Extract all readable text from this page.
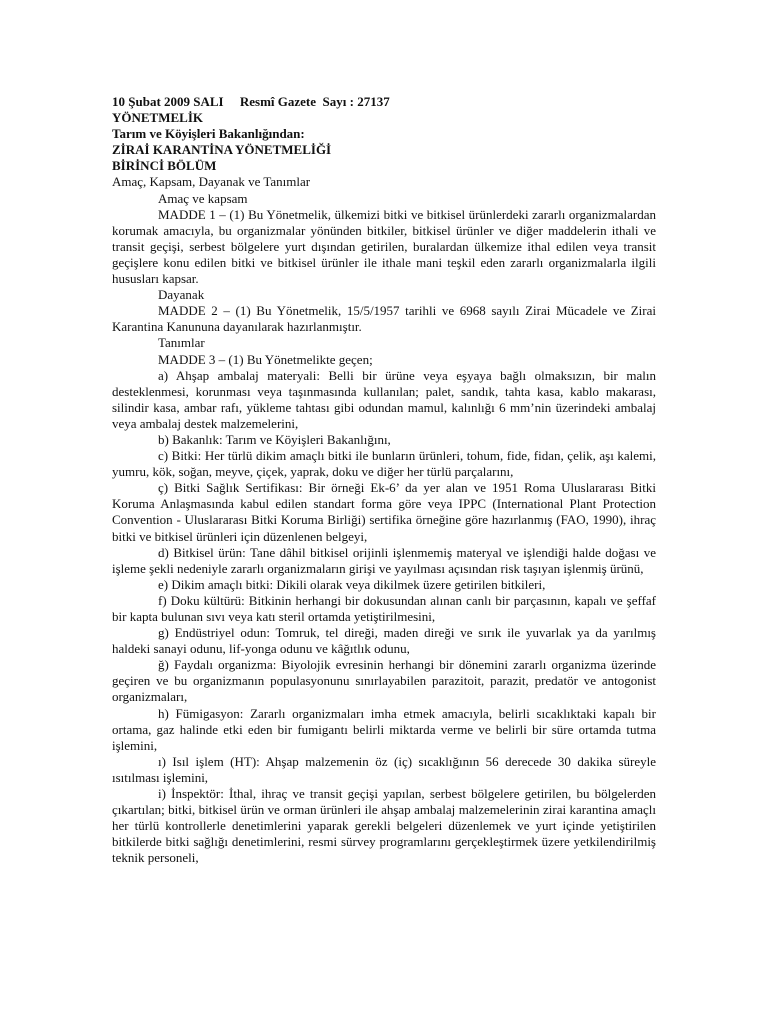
10 Şubat 2009 SALI Resmî Gazete Sayı : 27137
YÖNETMELİK
Tarım ve Köyişleri Bakanlığından:
ZİRAİ KARANTİNA YÖNETMELİĞİ
BİRİNCİ BÖLÜM
Amaç, Kapsam, Dayanak ve Tanımlar
Amaç ve kapsam
MADDE 1 – (1) Bu Yönetmelik, ülkemizi bitki ve bitkisel ürünlerdeki zararlı organizmalardan korumak amacıyla, bu organizmalar yönünden bitkiler, bitkisel ürünler ve diğer maddelerin ithali ve transit geçişi, serbest bölgelere yurt dışından getirilen, buralardan ülkemize ithal edilen veya transit geçişlere konu edilen bitki ve bitkisel ürünler ile ithale mani teşkil eden zararlı organizmalarla ilgili hususları kapsar.
Dayanak
MADDE 2 – (1) Bu Yönetmelik, 15/5/1957 tarihli ve 6968 sayılı Zirai Mücadele ve Zirai Karantina Kanununa dayanılarak hazırlanmıştır.
Tanımlar
MADDE 3 – (1) Bu Yönetmelikte geçen;
a) Ahşap ambalaj materyali: Belli bir ürüne veya eşyaya bağlı olmaksızın, bir malın desteklenmesi, korunması veya taşınmasında kullanılan; palet, sandık, tahta kasa, kablo makarası, silindir kasa, ambar rafı, yükleme tahtası gibi odundan mamul, kalınlığı 6 mm’nin üzerindeki ambalaj veya ambalaj destek malzemelerini,
b) Bakanlık: Tarım ve Köyişleri Bakanlığını,
c) Bitki: Her türlü dikim amaçlı bitki ile bunların ürünleri, tohum, fide, fidan, çelik, aşı kalemi, yumru, kök, soğan, meyve, çiçek, yaprak, doku ve diğer her türlü parçalarını,
ç) Bitki Sağlık Sertifikası: Bir örneği Ek-6’ da yer alan ve 1951 Roma Uluslararası Bitki Koruma Anlaşmasında kabul edilen standart forma göre veya IPPC (International Plant Protection Convention - Uluslararası Bitki Koruma Birliği) sertifika örneğine göre hazırlanmış (FAO, 1990), ihraç bitki ve bitkisel ürünleri için düzenlenen belgeyi,
d) Bitkisel ürün: Tane dâhil bitkisel orijinli işlenmemiş materyal ve işlendiği halde doğası ve işleme şekli nedeniyle zararlı organizmaların girişi ve yayılması açısından risk taşıyan işlenmiş ürünü,
e) Dikim amaçlı bitki: Dikili olarak veya dikilmek üzere getirilen bitkileri,
f) Doku kültürü: Bitkinin herhangi bir dokusundan alınan canlı bir parçasının, kapalı ve şeffaf bir kapta bulunan sıvı veya katı steril ortamda yetiştirilmesini,
g) Endüstriyel odun: Tomruk, tel direği, maden direği ve sırık ile yuvarlak ya da yarılmış haldeki sanayi odunu, lif-yonga odunu ve kâğıtlık odunu,
ğ) Faydalı organizma: Biyolojik evresinin herhangi bir dönemini zararlı organizma üzerinde geçiren ve bu organizmanın populasyonunu sınırlayabilen parazitoit, parazit, predatör ve antogonist organizmaları,
h) Fümigasyon: Zararlı organizmaları imha etmek amacıyla, belirli sıcaklıktaki kapalı bir ortama, gaz halinde etki eden bir fumigantı belirli miktarda verme ve belirli bir süre ortamda tutma işlemini,
ı) Isıl işlem (HT): Ahşap malzemenin öz (iç) sıcaklığının 56 derecede 30 dakika süreyle ısıtılması işlemini,
i) İnspektör: İthal, ihraç ve transit geçişi yapılan, serbest bölgelere getirilen, bu bölgelerden çıkartılan; bitki, bitkisel ürün ve orman ürünleri ile ahşap ambalaj malzemelerinin zirai karantina amaçlı her türlü kontrollerle denetimlerini yaparak gerekli belgeleri düzenlemek ve yurt içinde yetiştirilen bitkilerde bitki sağlığı denetimlerini, resmi sürvey programlarını gerçekleştirmek üzere yetkilendirilmiş teknik personeli,
